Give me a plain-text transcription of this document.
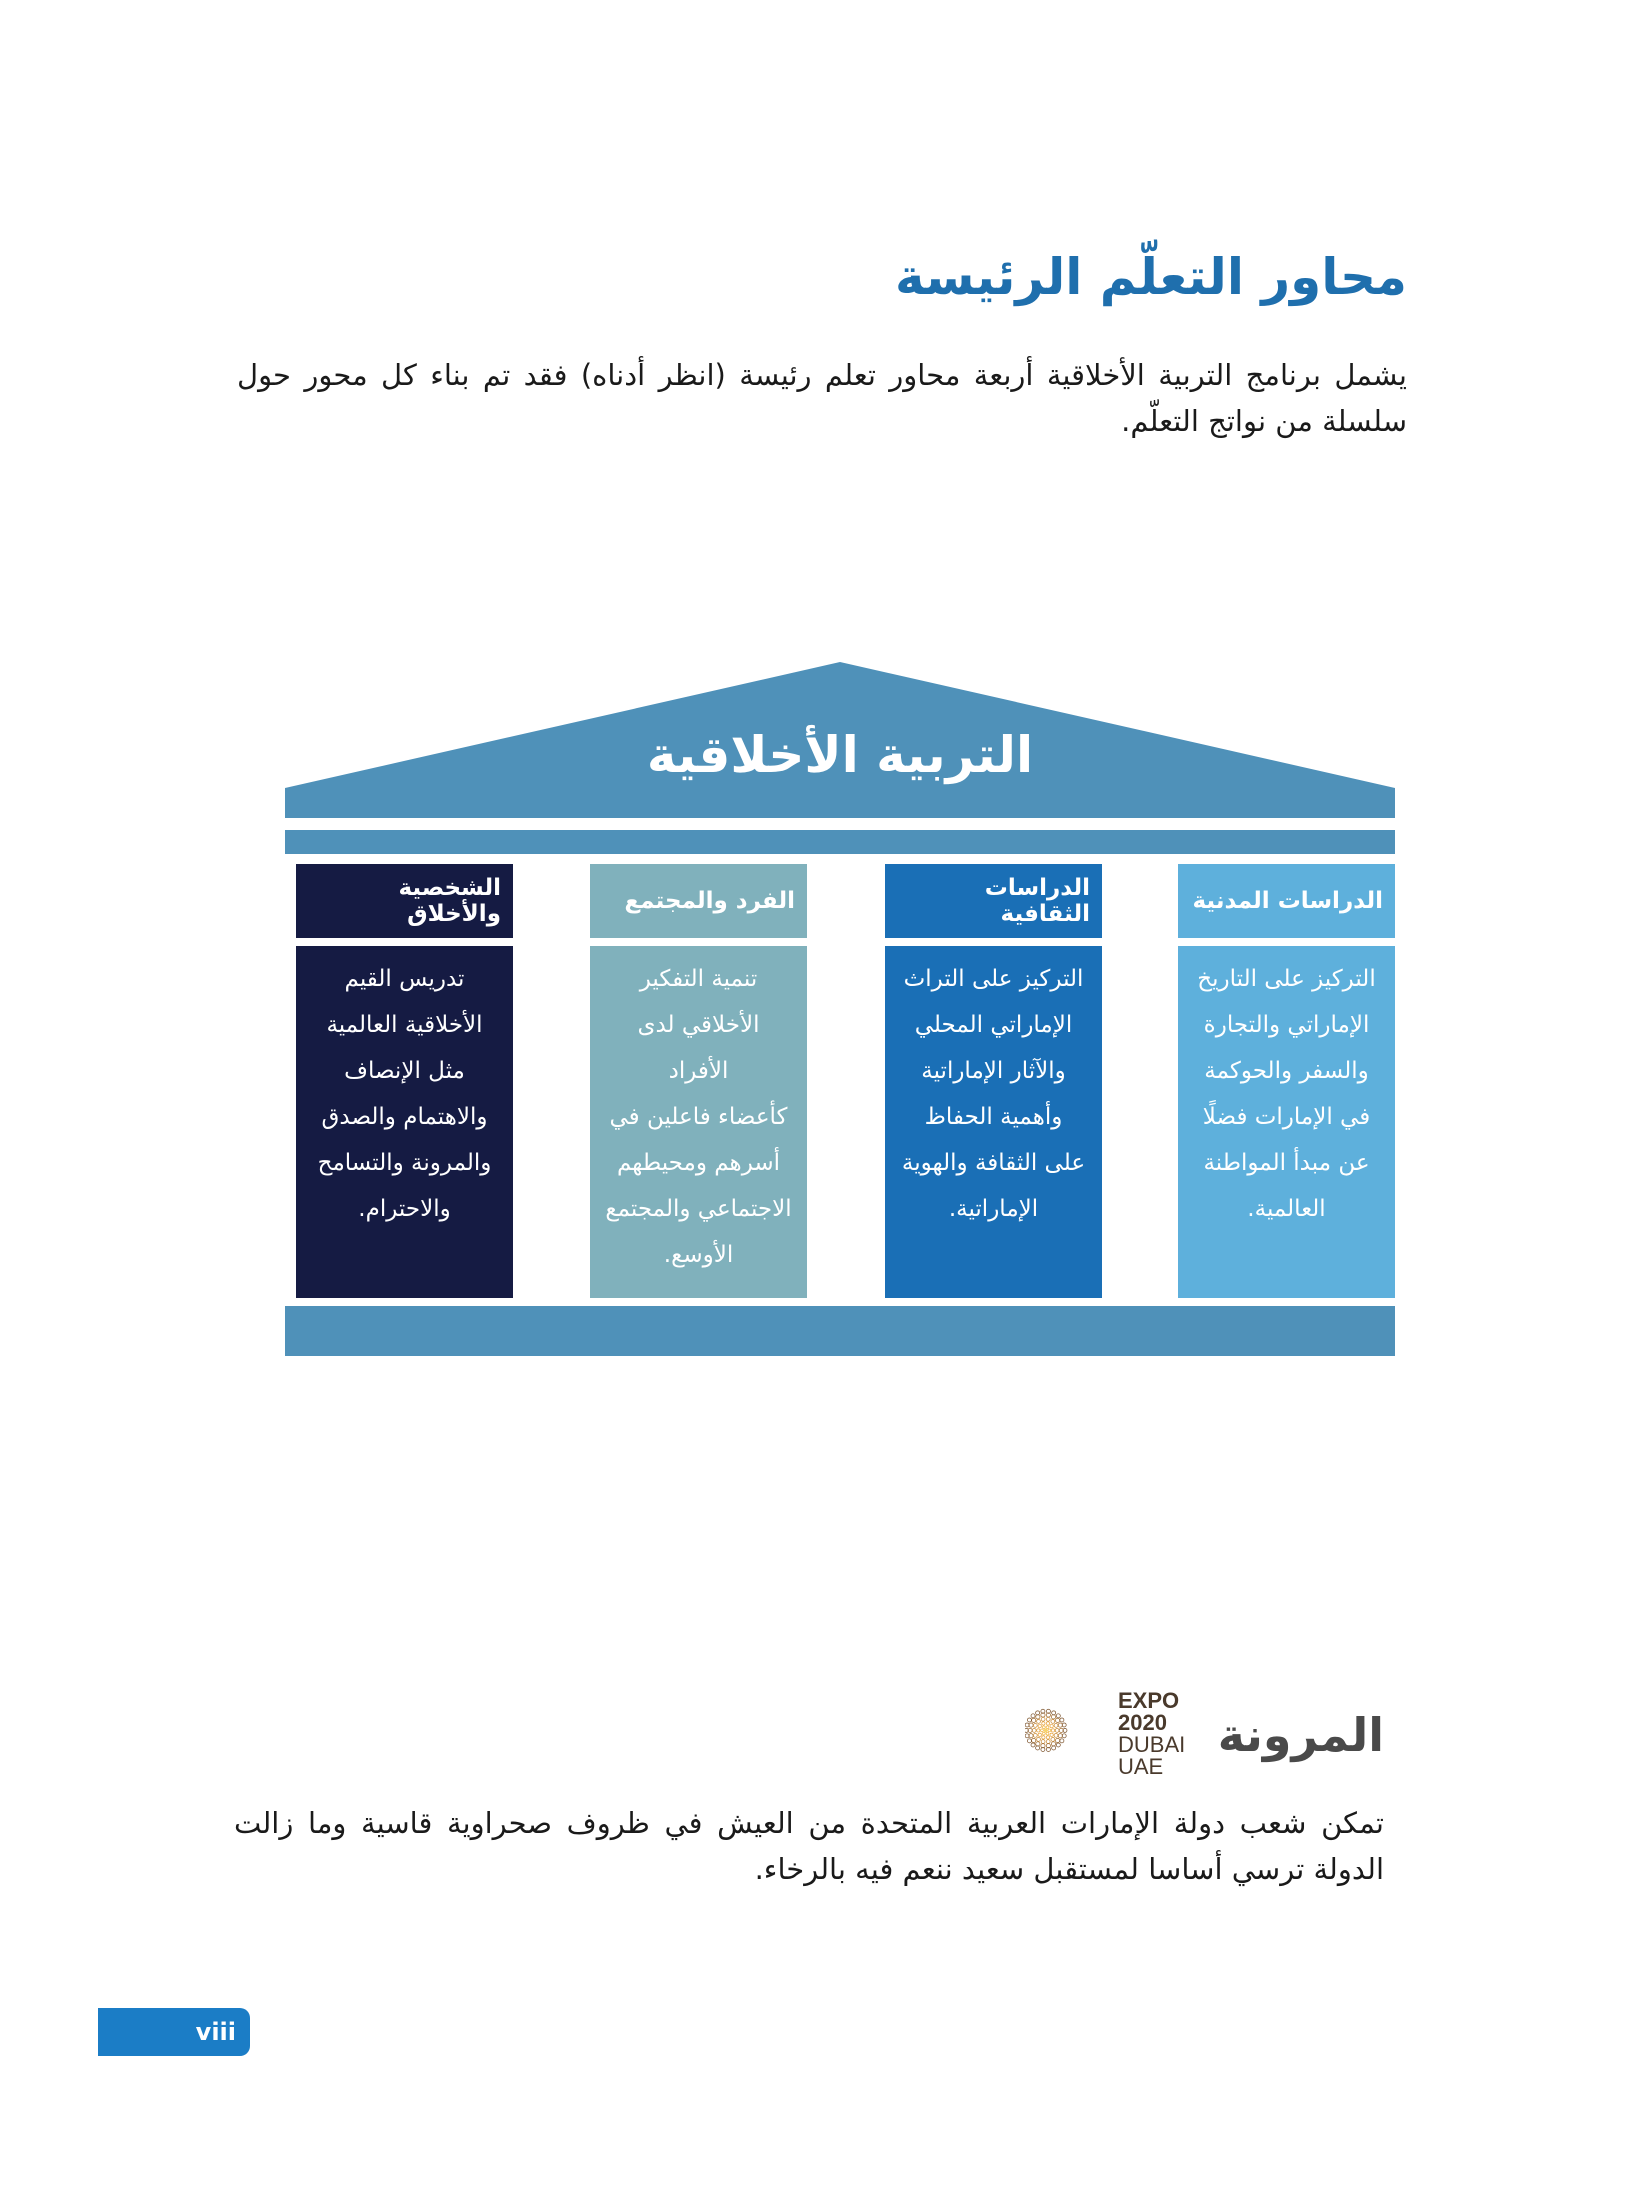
محاور التعلّم الرئيسة

يشمل برنامج التربية الأخلاقية أربعة محاور تعلم رئيسة (انظر أدناه) فقد تم بناء كل محور حول سلسلة من نواتج التعلّم.

التربية الأخلاقية
الدراسات المدنية
التركيز على التاريخ
الإماراتي والتجارة
والسفر والحوكمة
في الإمارات فضلًا
عن مبدأ المواطنة
العالمية.
الدراسات الثقافية
التركيز على التراث
الإماراتي المحلي
والآثار الإماراتية
وأهمية الحفاظ
على الثقافة والهوية
الإماراتية.
الفرد والمجتمع
تنمية التفكير
الأخلاقي لدى الأفراد
كأعضاء فاعلين في
أسرهم ومحيطهم
الاجتماعي والمجتمع
الأوسع.
الشخصية والأخلاق
تدريس القيم
الأخلاقية العالمية
مثل الإنصاف
والاهتمام والصدق
والمرونة والتسامح
والاحترام.
المرونة
EXPO
2020
DUBAI
UAE

تمكن شعب دولة الإمارات العربية المتحدة من العيش في ظروف صحراوية قاسية وما زالت الدولة ترسي أساسا لمستقبل سعيد ننعم فيه بالرخاء.

viii
